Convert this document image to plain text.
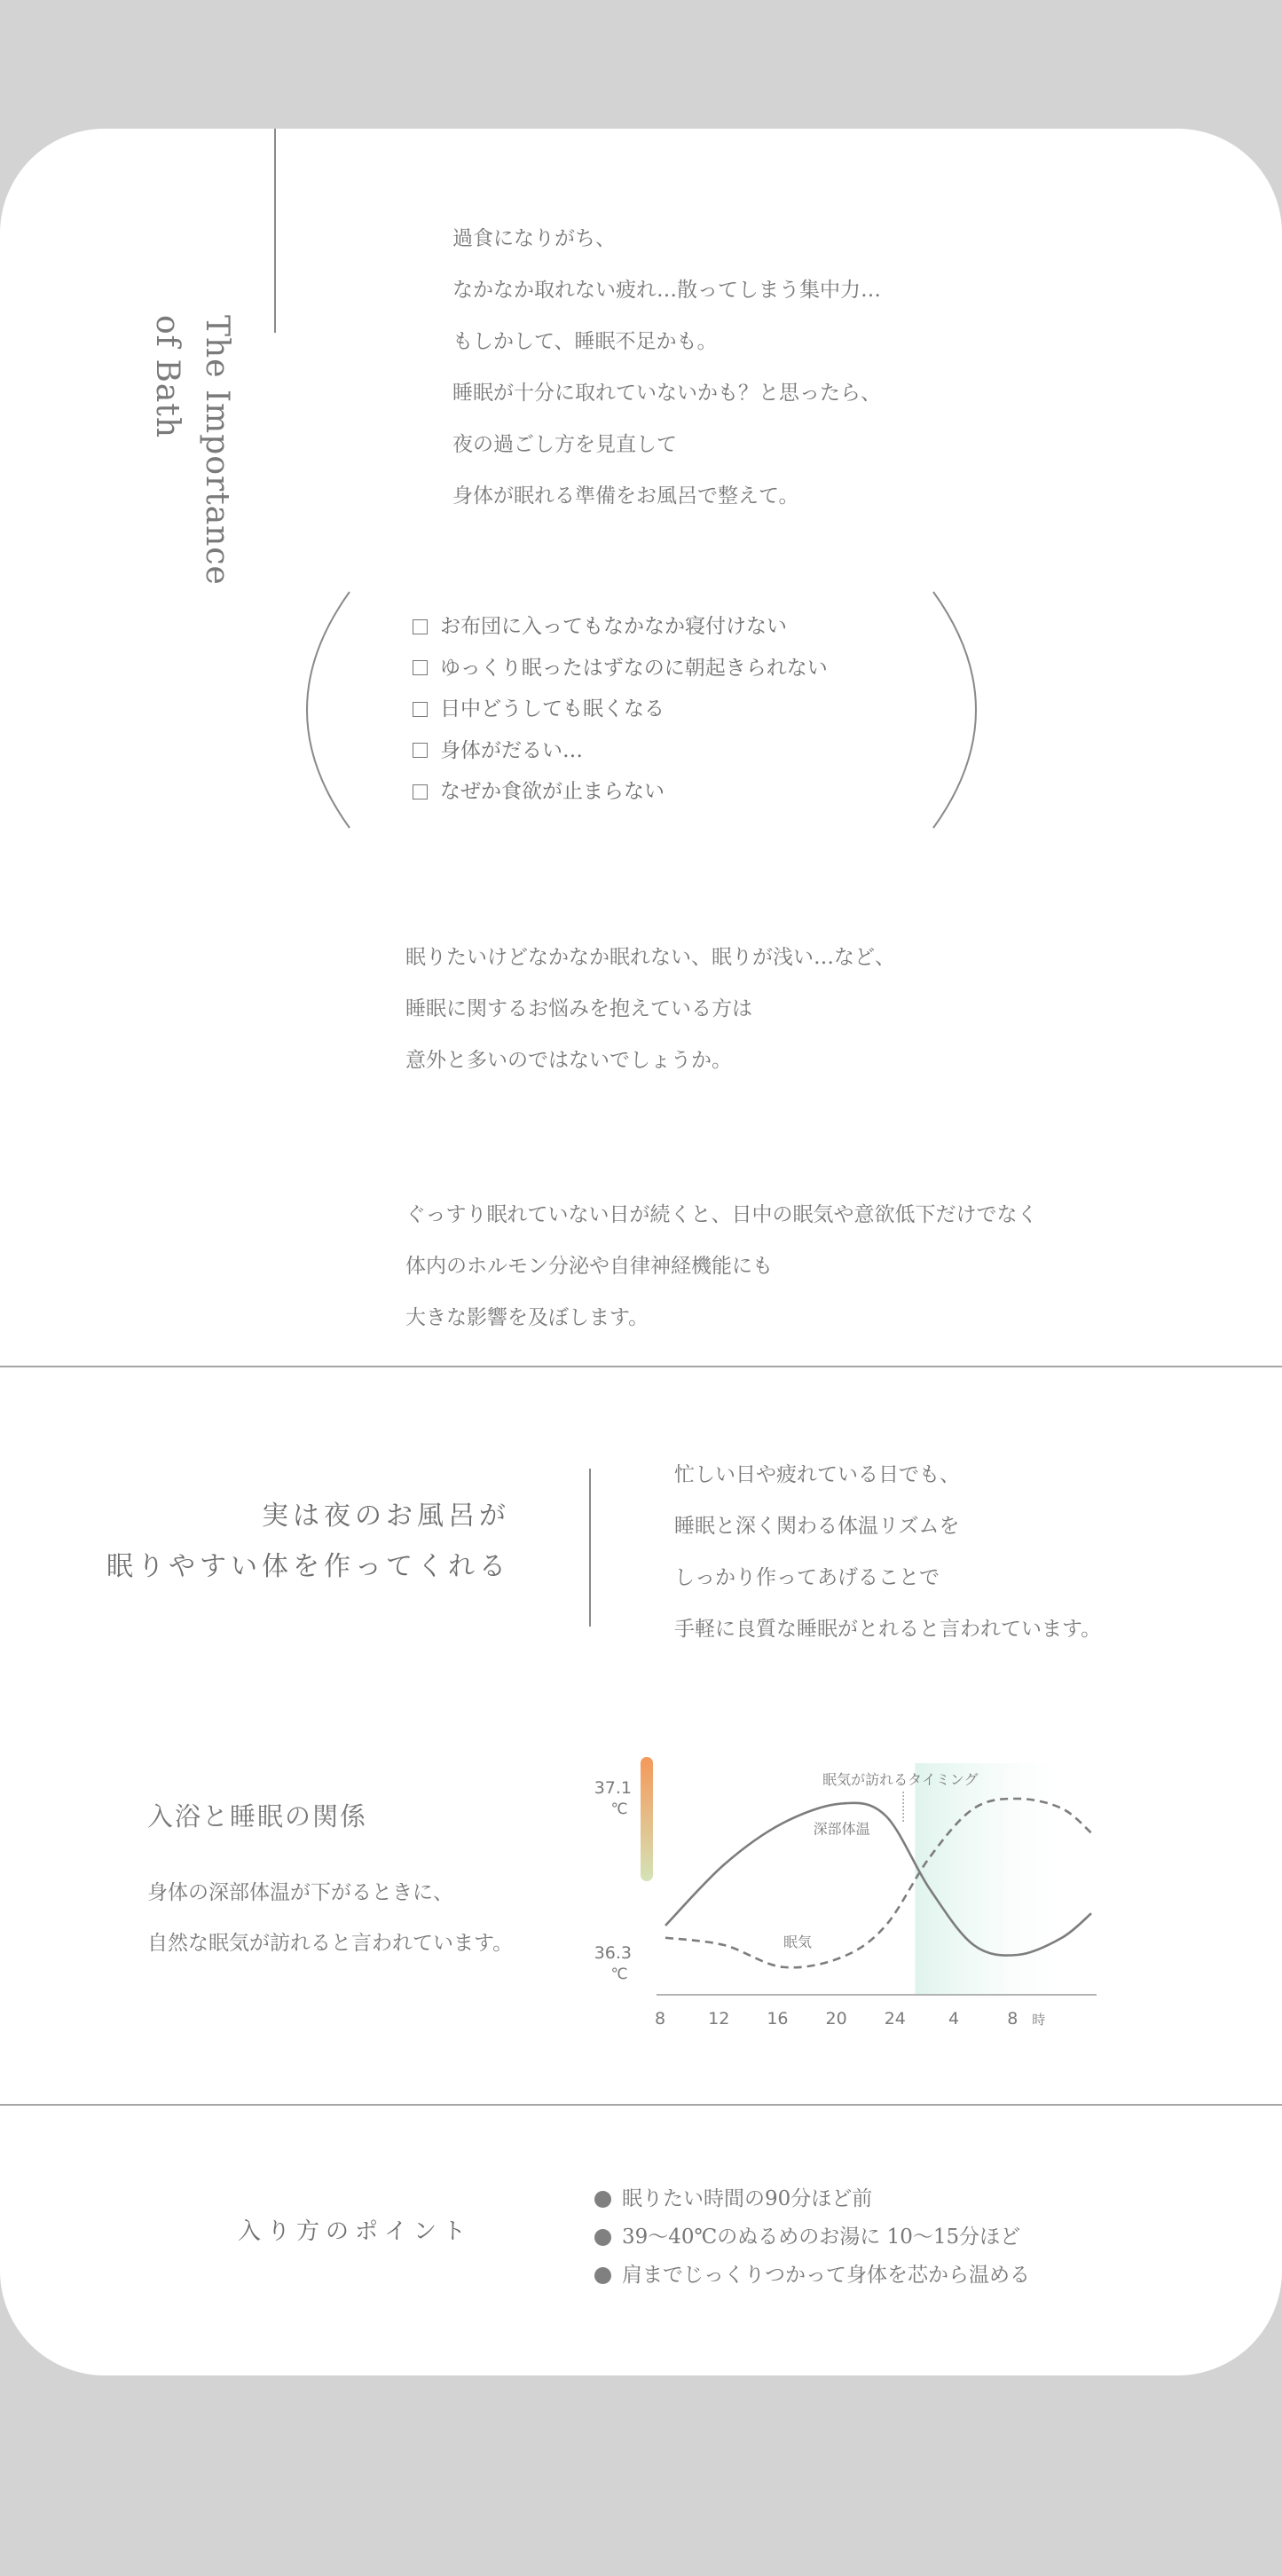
The Importance
of Bath

過食になりがち、

なかなか取れない疲れ…散ってしまう集中力…

もしかして、睡眠不足かも。

睡眠が十分に取れていないかも？と思ったら、

夜の過ごし方を見直して

身体が眠れる準備をお風呂で整えて。

お布団に入ってもなかなか寝付けない
ゆっくり眠ったはずなのに朝起きられない
日中どうしても眠くなる
身体がだるい…
なぜか食欲が止まらない

眠りたいけどなかなか眠れない、眠りが浅い…など、

睡眠に関するお悩みを抱えている方は

意外と多いのではないでしょうか。

ぐっすり眠れていない日が続くと、日中の眠気や意欲低下だけでなく

体内のホルモン分泌や自律神経機能にも

大きな影響を及ぼします。

実は夜のお風呂が
眠りやすい体を作ってくれる

忙しい日や疲れている日でも、

睡眠と深く関わる体温リズムを

しっかり作ってあげることで

手軽に良質な睡眠がとれると言われています。

入浴と睡眠の関係

身体の深部体温が下がるときに、

自然な眠気が訪れると言われています。

37.1
℃
36.3
℃
8	12 16 20 24	4	8 時
眠気が訪れるタイミング
深部体温
眠気
入り方のポイント
眠りたい時間の90分ほど前
39〜40℃のぬるめのお湯に 10〜15分ほど
肩までじっくりつかって身体を芯から温める
